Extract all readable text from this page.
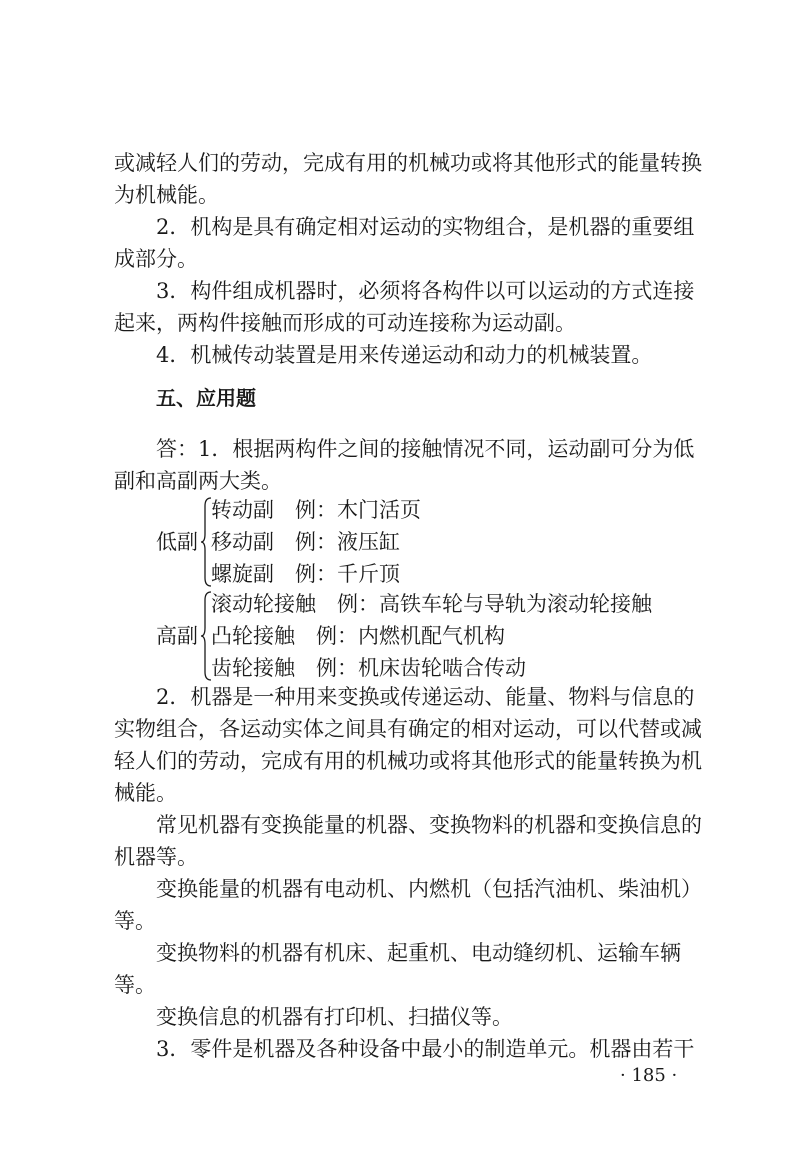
或减轻人们的劳动，完成有用的机械功或将其他形式的能量转换为机械能。

2．机构是具有确定相对运动的实物组合，是机器的重要组成部分。

3．构件组成机器时，必须将各构件以可以运动的方式连接起来，两构件接触而形成的可动连接称为运动副。

4．机械传动装置是用来传递运动和动力的机械装置。

五、应用题

答：1．根据两构件之间的接触情况不同，运动副可分为低副和高副两大类。

低副
转动副　例：木门活页
移动副　例：液压缸
螺旋副　例：千斤顶
高副
滚动轮接触　例：高铁车轮与导轨为滚动轮接触
凸轮接触　例：内燃机配气机构
齿轮接触　例：机床齿轮啮合传动

2．机器是一种用来变换或传递运动、能量、物料与信息的实物组合，各运动实体之间具有确定的相对运动，可以代替或减轻人们的劳动，完成有用的机械功或将其他形式的能量转换为机械能。

常见机器有变换能量的机器、变换物料的机器和变换信息的机器等。

变换能量的机器有电动机、内燃机（包括汽油机、柴油机）等。

变换物料的机器有机床、起重机、电动缝纫机、运输车辆等。

变换信息的机器有打印机、扫描仪等。

3．零件是机器及各种设备中最小的制造单元。机器由若干

· 185 ·
